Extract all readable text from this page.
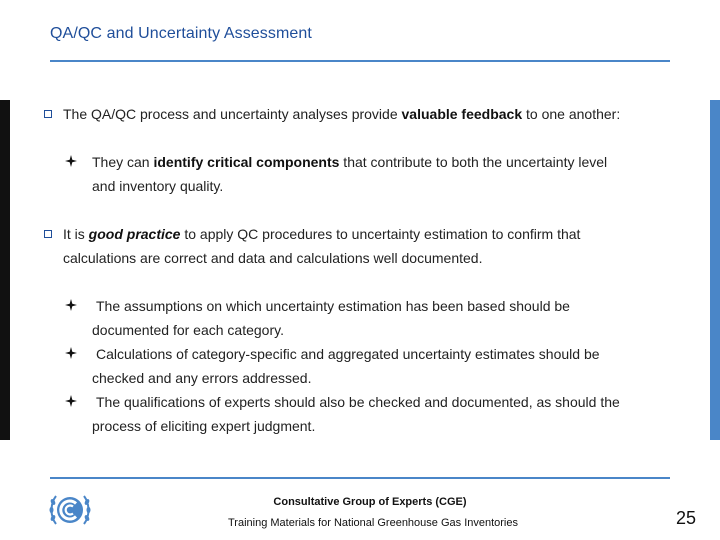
QA/QC and Uncertainty Assessment
The QA/QC process and uncertainty analyses provide valuable feedback to one another:
They can identify critical components that contribute to both the uncertainty level
and inventory quality.
It is good practice to apply QC procedures to uncertainty estimation to confirm that
calculations are correct and data and calculations well documented.
The assumptions on which uncertainty estimation has been based should be
documented for each category.
Calculations of category-specific and aggregated uncertainty estimates should be
checked and any errors addressed.
The qualifications of experts should also be checked and documented, as should the
process of eliciting expert judgment.
Consultative Group of Experts (CGE)
Training Materials for National Greenhouse Gas Inventories	25
